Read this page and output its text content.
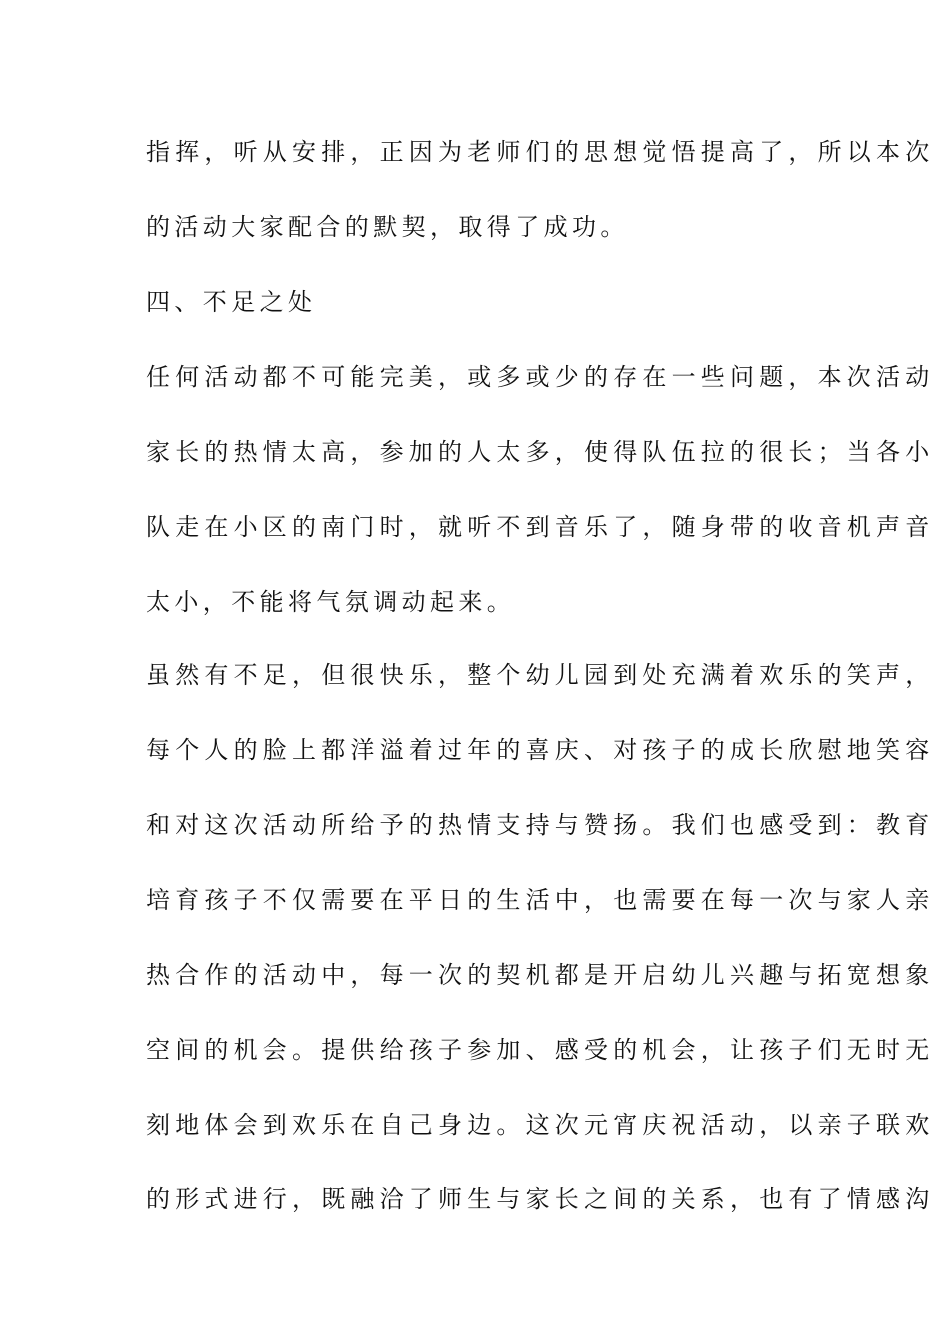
指挥，听从安排，正因为老师们的思想觉悟提高了，所以本次
的活动大家配合的默契，取得了成功。
四、不足之处
任何活动都不可能完美，或多或少的存在一些问题，本次活动
家长的热情太高，参加的人太多，使得队伍拉的很长；当各小
队走在小区的南门时，就听不到音乐了，随身带的收音机声音
太小，不能将气氛调动起来。
虽然有不足，但很快乐，整个幼儿园到处充满着欢乐的笑声，
每个人的脸上都洋溢着过年的喜庆、对孩子的成长欣慰地笑容
和对这次活动所给予的热情支持与赞扬。我们也感受到：教育
培育孩子不仅需要在平日的生活中，也需要在每一次与家人亲
热合作的活动中，每一次的契机都是开启幼儿兴趣与拓宽想象
空间的机会。提供给孩子参加、感受的机会，让孩子们无时无
刻地体会到欢乐在自己身边。这次元宵庆祝活动，以亲子联欢
的形式进行，既融洽了师生与家长之间的关系，也有了情感沟
